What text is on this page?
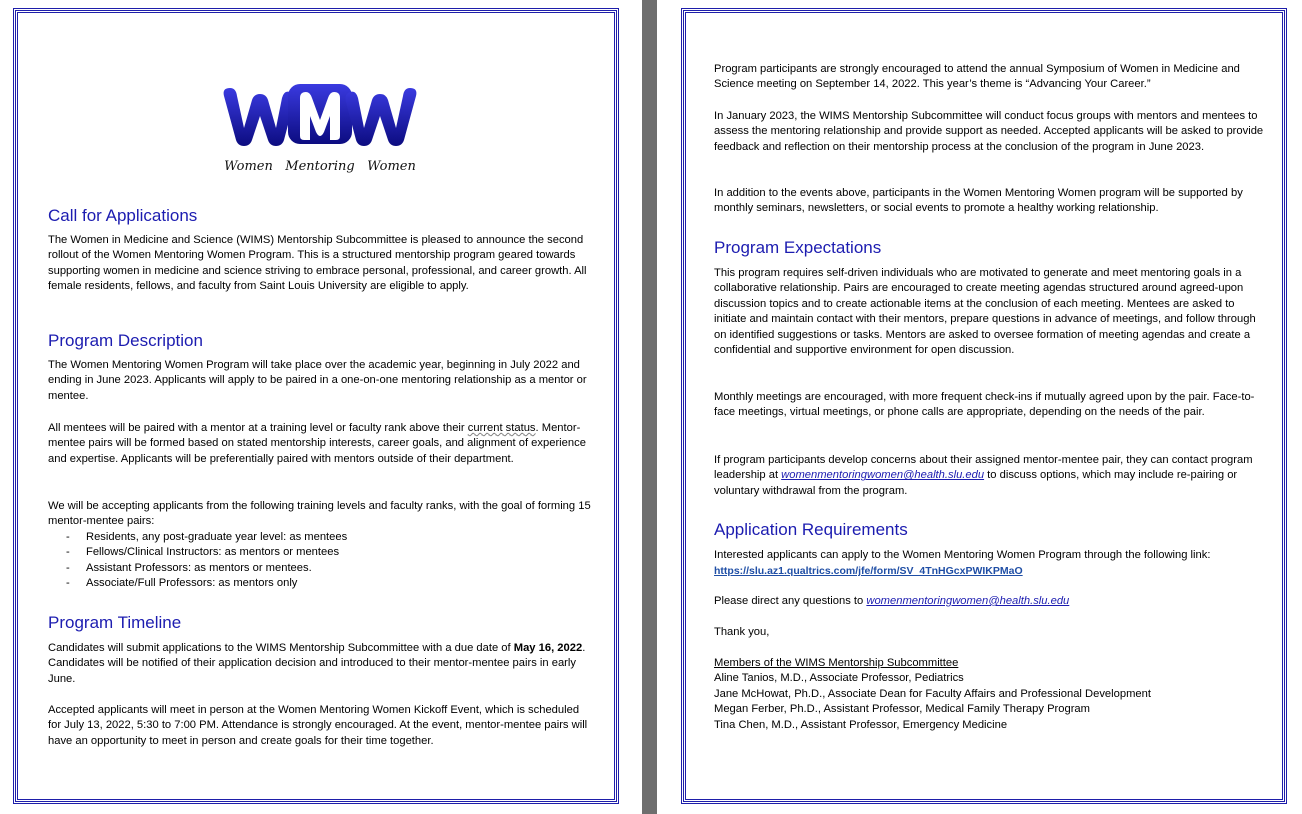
Women   Mentoring   Women
Call for Applications

The Women in Medicine and Science (WIMS) Mentorship Subcommittee is pleased to announce the second rollout of the Women Mentoring Women Program. This is a structured mentorship program geared towards supporting women in medicine and science striving to embrace personal, professional, and career growth. All female residents, fellows, and faculty from Saint Louis University are eligible to apply.

Program Description

The Women Mentoring Women Program will take place over the academic year, beginning in July 2022 and ending in June 2023. Applicants will apply to be paired in a one-on-one mentoring relationship as a mentor or mentee.

All mentees will be paired with a mentor at a training level or faculty rank above their current status. Mentor-mentee pairs will be formed based on stated mentorship interests, career goals, and alignment of experience and expertise. Applicants will be preferentially paired with mentors outside of their department.

We will be accepting applicants from the following training levels and faculty ranks, with the goal of forming 15 mentor-mentee pairs:

- Residents, any post-graduate year level: as mentees
- Fellows/Clinical Instructors: as mentors or mentees
- Assistant Professors: as mentors or mentees.
- Associate/Full Professors: as mentors only
Program Timeline

Candidates will submit applications to the WIMS Mentorship Subcommittee with a due date of May 16, 2022. Candidates will be notified of their application decision and introduced to their mentor-mentee pairs in early June.

Accepted applicants will meet in person at the Women Mentoring Women Kickoff Event, which is scheduled for July 13, 2022, 5:30 to 7:00 PM. Attendance is strongly encouraged. At the event, mentor-mentee pairs will have an opportunity to meet in person and create goals for their time together.

Program participants are strongly encouraged to attend the annual Symposium of Women in Medicine and Science meeting on September 14, 2022. This year’s theme is “Advancing Your Career.”

In January 2023, the WIMS Mentorship Subcommittee will conduct focus groups with mentors and mentees to assess the mentoring relationship and provide support as needed. Accepted applicants will be asked to provide feedback and reflection on their mentorship process at the conclusion of the program in June 2023.

In addition to the events above, participants in the Women Mentoring Women program will be supported by monthly seminars, newsletters, or social events to promote a healthy working relationship.

Program Expectations

This program requires self-driven individuals who are motivated to generate and meet mentoring goals in a collaborative relationship. Pairs are encouraged to create meeting agendas structured around agreed-upon discussion topics and to create actionable items at the conclusion of each meeting. Mentees are asked to initiate and maintain contact with their mentors, prepare questions in advance of meetings, and follow through on identified suggestions or tasks. Mentors are asked to oversee formation of meeting agendas and create a confidential and supportive environment for open discussion.

Monthly meetings are encouraged, with more frequent check-ins if mutually agreed upon by the pair. Face-to-face meetings, virtual meetings, or phone calls are appropriate, depending on the needs of the pair.

If program participants develop concerns about their assigned mentor-mentee pair, they can contact program leadership at womenmentoringwomen@health.slu.edu to discuss options, which may include re-pairing or voluntary withdrawal from the program.

Application Requirements

Interested applicants can apply to the Women Mentoring Women Program through the following link:

https://slu.az1.qualtrics.com/jfe/form/SV_4TnHGcxPWIKPMaO

Please direct any questions to womenmentoringwomen@health.slu.edu

Thank you,

Members of the WIMS Mentorship Subcommittee

Aline Tanios, M.D., Associate Professor, Pediatrics

Jane McHowat, Ph.D., Associate Dean for Faculty Affairs and Professional Development

Megan Ferber, Ph.D., Assistant Professor, Medical Family Therapy Program

Tina Chen, M.D., Assistant Professor, Emergency Medicine
